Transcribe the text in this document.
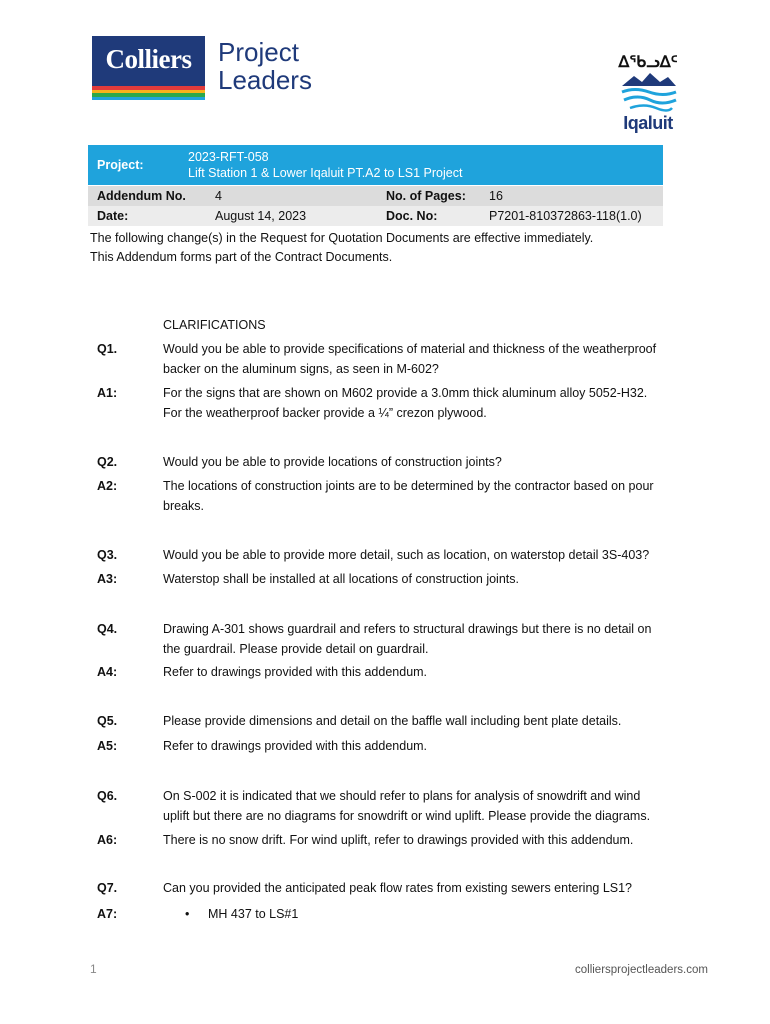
Colliers	Project
Leaders
ᐃᖃᓗᐃᑦ
Iqaluit
Project:
2023-RFT-058
Lift Station 1 & Lower Iqaluit PT.A2 to LS1 Project
Addendum No. 4	No. of Pages: 16
Date:	August 14, 2023	Doc. No:	P7201-810372863-118(1.0)
The following change(s) in the Request for Quotation Documents are effective immediately.
This Addendum forms part of the Contract Documents.
CLARIFICATIONS
Q1.	Would you be able to provide specifications of material and thickness of the weatherproof backer on the aluminum signs, as seen in M-602?
A1:	For the signs that are shown on M602 provide a 3.0mm thick aluminum alloy 5052-H32. For the weatherproof backer provide a ¼” crezon plywood.
Q2.	Would you be able to provide locations of construction joints?
A2:	The locations of construction joints are to be determined by the contractor based on pour breaks.
Q3.	Would you be able to provide more detail, such as location, on waterstop detail 3S-403?
A3:	Waterstop shall be installed at all locations of construction joints.
Q4.	Drawing A-301 shows guardrail and refers to structural drawings but there is no detail on the guardrail. Please provide detail on guardrail.
A4:	Refer to drawings provided with this addendum.
Q5.	Please provide dimensions and detail on the baffle wall including bent plate details.
A5:	Refer to drawings provided with this addendum.
Q6.	On S-002 it is indicated that we should refer to plans for analysis of snowdrift and wind uplift but there are no diagrams for snowdrift or wind uplift. Please provide the diagrams.
A6:	There is no snow drift. For wind uplift, refer to drawings provided with this addendum.
Q7.	Can you provided the anticipated peak flow rates from existing sewers entering LS1?
A7:	• MH 437 to LS#1
1	colliersprojectleaders.com
